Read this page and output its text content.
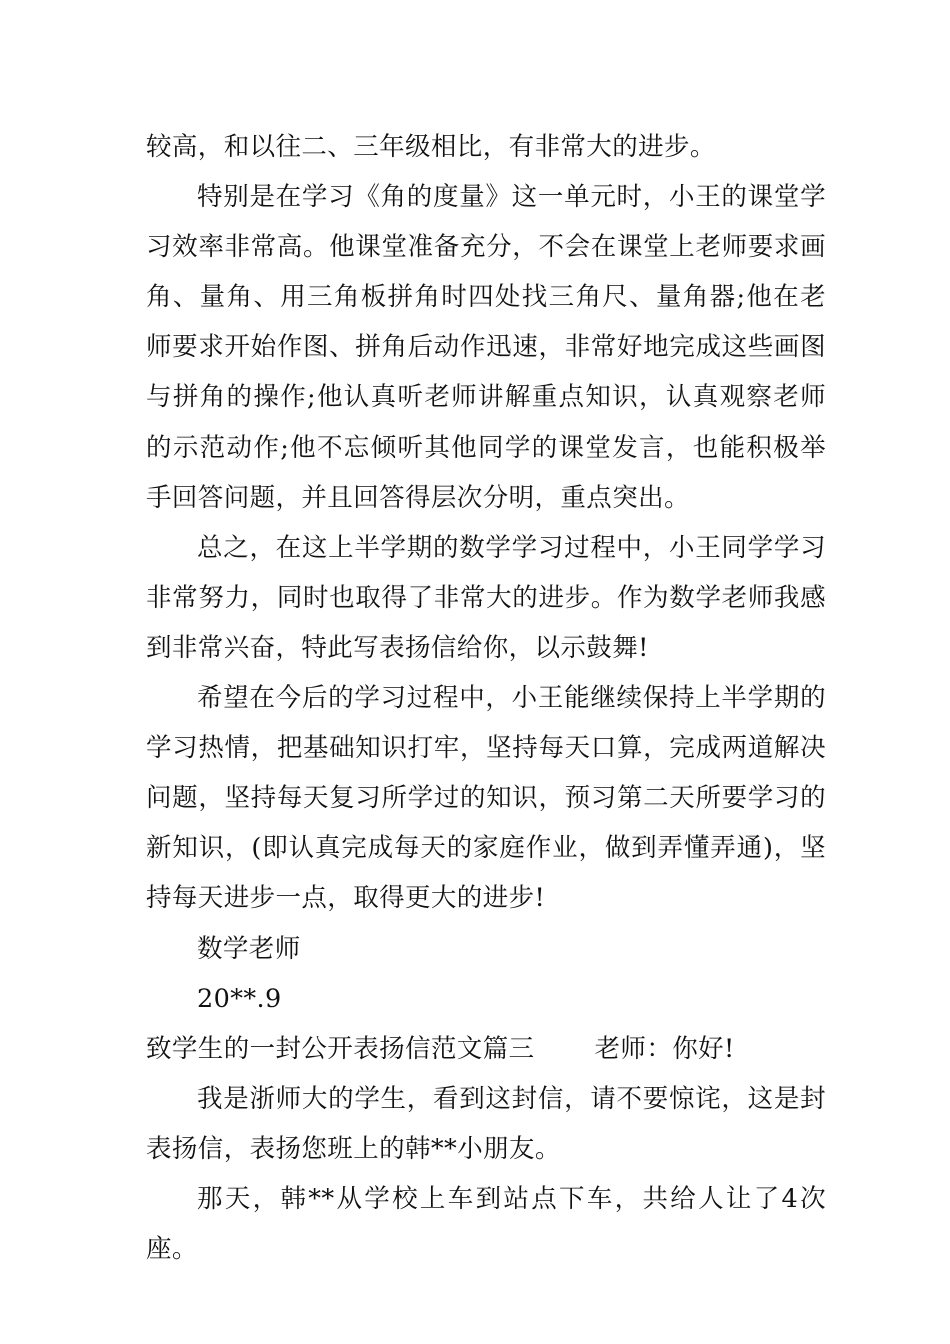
较高，和以往二、三年级相比，有非常大的进步。

特别是在学习《角的度量》这一单元时，小王的课堂学习效率非常高。他课堂准备充分，不会在课堂上老师要求画角、量角、用三角板拼角时四处找三角尺、量角器;他在老师要求开始作图、拼角后动作迅速，非常好地完成这些画图与拼角的操作;他认真听老师讲解重点知识，认真观察老师的示范动作;他不忘倾听其他同学的课堂发言，也能积极举手回答问题，并且回答得层次分明，重点突出。

总之，在这上半学期的数学学习过程中，小王同学学习非常努力，同时也取得了非常大的进步。作为数学老师我感到非常兴奋，特此写表扬信给你，以示鼓舞!

希望在今后的学习过程中，小王能继续保持上半学期的学习热情，把基础知识打牢，坚持每天口算，完成两道解决问题，坚持每天复习所学过的知识，预习第二天所要学习的新知识，(即认真完成每天的家庭作业，做到弄懂弄通)，坚持每天进步一点，取得更大的进步!

数学老师

20**.9

致学生的一封公开表扬信范文篇三 老师：你好!

我是浙师大的学生，看到这封信，请不要惊诧，这是封表扬信，表扬您班上的韩**小朋友。

那天，韩**从学校上车到站点下车，共给人让了4次座。
